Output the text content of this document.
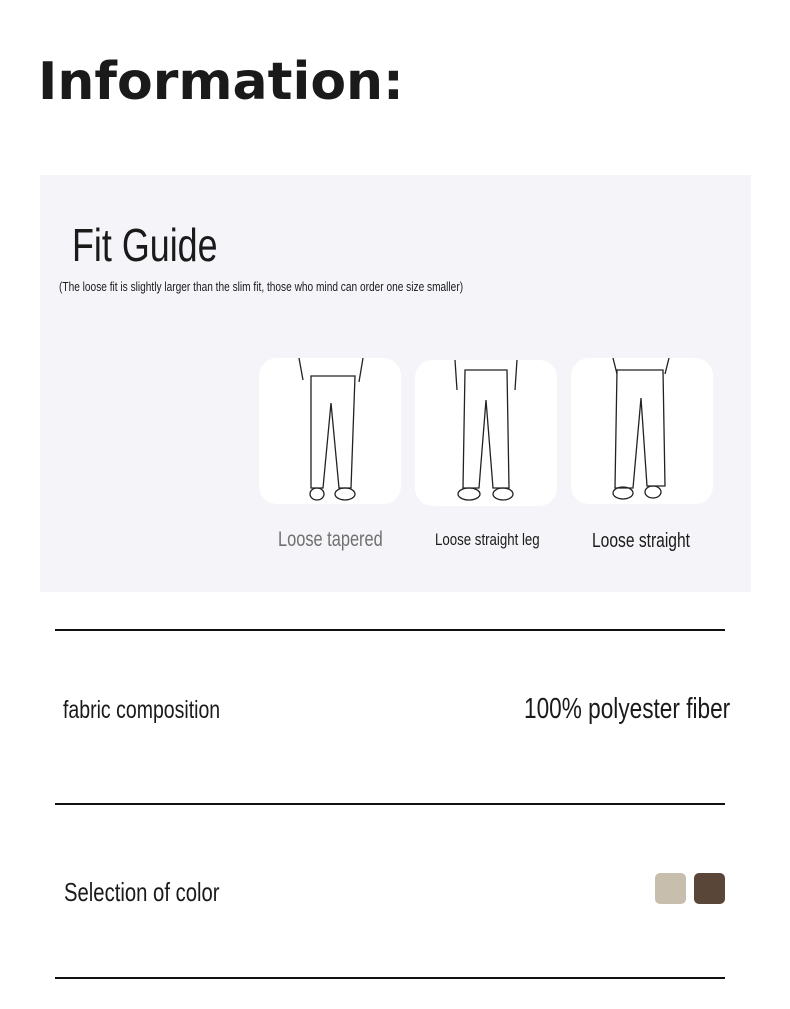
Information:
Fit Guide
(The loose fit is slightly larger than the slim fit, those who mind can order one size smaller)
Loose tapered	Loose straight leg	Loose straight
fabric composition	100% polyester fiber
Selection of color
